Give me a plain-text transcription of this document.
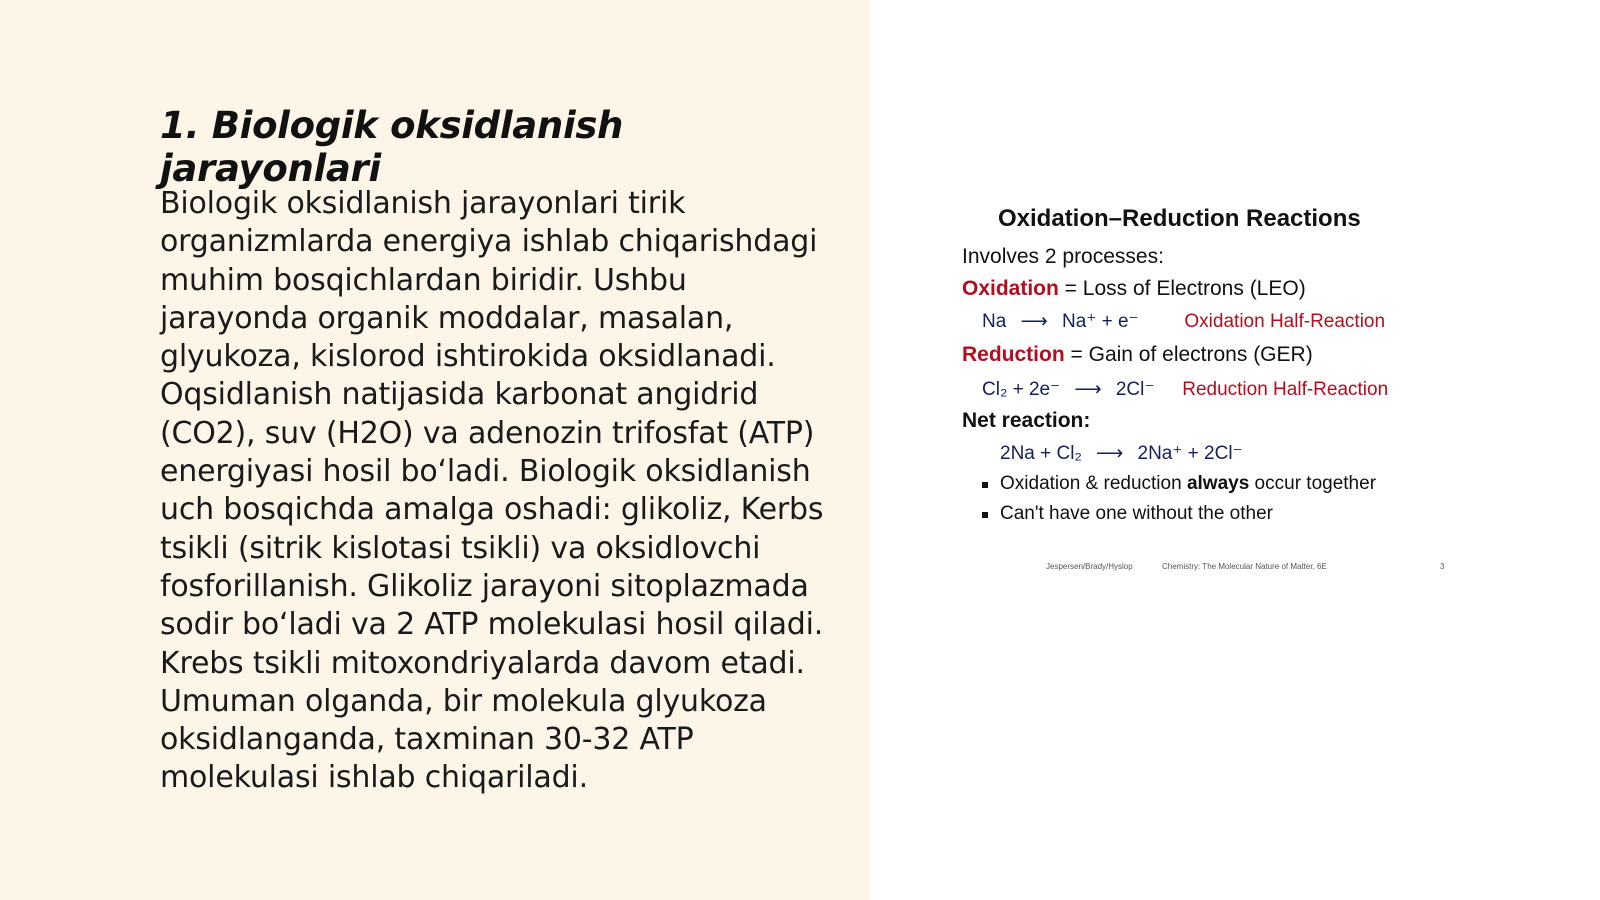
1. Biologik oksidlanish jarayonlari

Biologik oksidlanish jarayonlari tirik organizmlarda energiya ishlab chiqarishdagi muhim bosqichlardan biridir. Ushbu jarayonda organik moddalar, masalan, glyukoza, kislorod ishtirokida oksidlanadi. Oqsidlanish natijasida karbonat angidrid (CO2), suv (H2O) va adenozin trifosfat (ATP) energiyasi hosil bo‘ladi. Biologik oksidlanish uch bosqichda amalga oshadi: glikoliz, Kerbs tsikli (sitrik kislotasi tsikli) va oksidlovchi fosforillanish. Glikoliz jarayoni sitoplazmada sodir bo‘ladi va 2 ATP molekulasi hosil qiladi. Krebs tsikli mitoxondriyalarda davom etadi. Umuman olganda, bir molekula glyukoza oksidlanganda, taxminan 30-32 ATP molekulasi ishlab chiqariladi.

Oxidation–Reduction Reactions

Involves 2 processes:

Oxidation = Loss of Electrons (LEO)

Na ⟶ Na⁺ + e⁻ Oxidation Half-Reaction

Reduction = Gain of electrons (GER)

Cl₂ + 2e⁻ ⟶ 2Cl⁻ Reduction Half-Reaction

Net reaction:

2Na + Cl₂ ⟶ 2Na⁺ + 2Cl⁻

Oxidation & reduction always occur together

Can't have one without the other

Jespersen/Brady/Hyslop	Chemistry: The Molecular Nature of Matter, 6E	3
